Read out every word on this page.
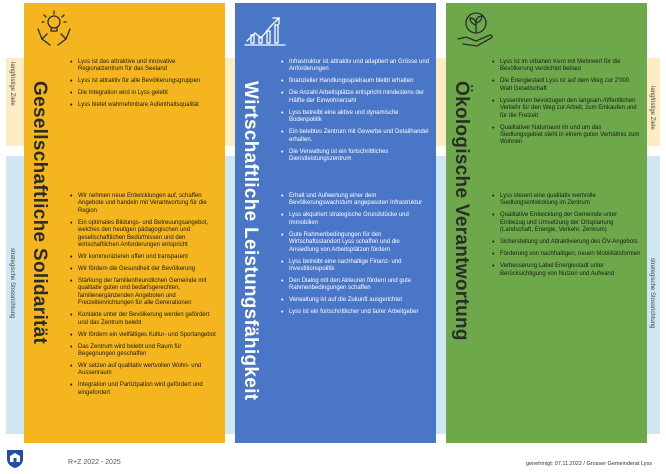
langfristige Ziele
strategische Stossrichtung
langfristige Ziele
strategische Stossrichtung
Gesellschaftliche Solidarität
• Lyss ist das attraktive und innovative Regionalzentrum für das Seeland
• Lyss ist attraktiv für alle Bevölkerungsgruppen
• Die Integration wird in Lyss gelebt
• Lyss bietet wahrnehmbare Aufenthaltsqualität
• Wir nehmen neue Entwicklungen auf, schaffen Angebote und handeln mit Verantwortung für die Region
• Ein optimales Bildungs- und Betreuungsangebot, welches den heutigen pädagogischen und gesellschaftlichen Bedürfnissen und den wirtschaftlichen Anforderungen entspricht
• Wir kommunizieren offen und transparent
• Wir fördern die Gesundheit der Bevölkerung
• Stärkung der familienfreundlichen Gemeinde mit qualitativ guten und bedarfsgerechten, familienergänzenden Angeboten und Freizeiteinrichtungen für alle Generationen
• Kontakte unter der Bevölkerung werden gefördert und das Zentrum belebt
• Wir fördern ein vielfältiges Kultur- und Sportangebot
• Das Zentrum wird belebt und Raum für Begegnungen geschaffen
• Wir setzen auf qualitativ wertvollen Wohn- und Aussenraum
• Integration und Partizipation wird gefördert und eingefordert	Wirtschaftliche Leistungsfähigkeit
• Infrastruktur ist attraktiv und adaptiert an Grösse und Anforderungen
• finanzieller Handlungsspielraum bleibt erhalten
• Die Anzahl Arbeitsplätze entspricht mindestens der Hälfte der Einwohnerzahl
• Lyss betreibt eine aktive und dynamische Bodenpolitik
• Ein belebtes Zentrum mit Gewerbe und Detailhandel erhalten.
• Die Verwaltung ist ein fortschrittliches Dienstleistungszentrum
• Erhalt und Aufwertung einer dem Bevölkerungswachstum angepassten Infrastruktur
• Lyss akquiriert strategische Grundstücke und Immobilien
• Gute Rahmenbedingungen für den Wirtschaftsstandort Lyss schaffen und die Ansiedlung von Arbeitsplätzen fördern
• Lyss betreibt eine nachhaltige Finanz- und Investitionspolitik
• Den Dialog mit den Akteuren fördern und gute Rahmenbedingungen schaffen
• Verwaltung ist auf die Zukunft ausgerichtet
• Lyss ist ein fortschrittlicher und fairer Arbeitgeber	Ökologische Verantwortung
• Lyss ist im urbanen Kern mit Mehrwert für die Bevölkerung verdichtet bebaut
• Die Energiestadt Lyss ist auf dem Weg zur 2'000 Watt Gesellschaft
• Lysserinnen bevorzugen den langsam-/öffentlichen Verkehr für den Weg zur Arbeit, zum Einkaufen und für die Freizeit
• Qualitativer Naturraum im und um das Siedlungsgebiet steht in einem guten Verhältnis zum Wohnen
• Lyss steuert eine qualitativ wertvolle Siedlungsentwicklung im Zentrum
• Qualitative Entwicklung der Gemeinde unter Einbezug und Umsetzung der Ortsplanung (Landschaft, Energie, Verkehr, Zentrum)
• Sicherstellung und Attraktivierung des ÖV-Angebots
• Förderung von nachhaltigen, neuen Mobilitätsformen
• Verbesserung Label Energiestadt unter Berücksichtigung von Nutzen und Aufwand
R+Z 2022 - 2025	genehmigt: 07.11.2022 / Grosser Gemeinderat Lyss
